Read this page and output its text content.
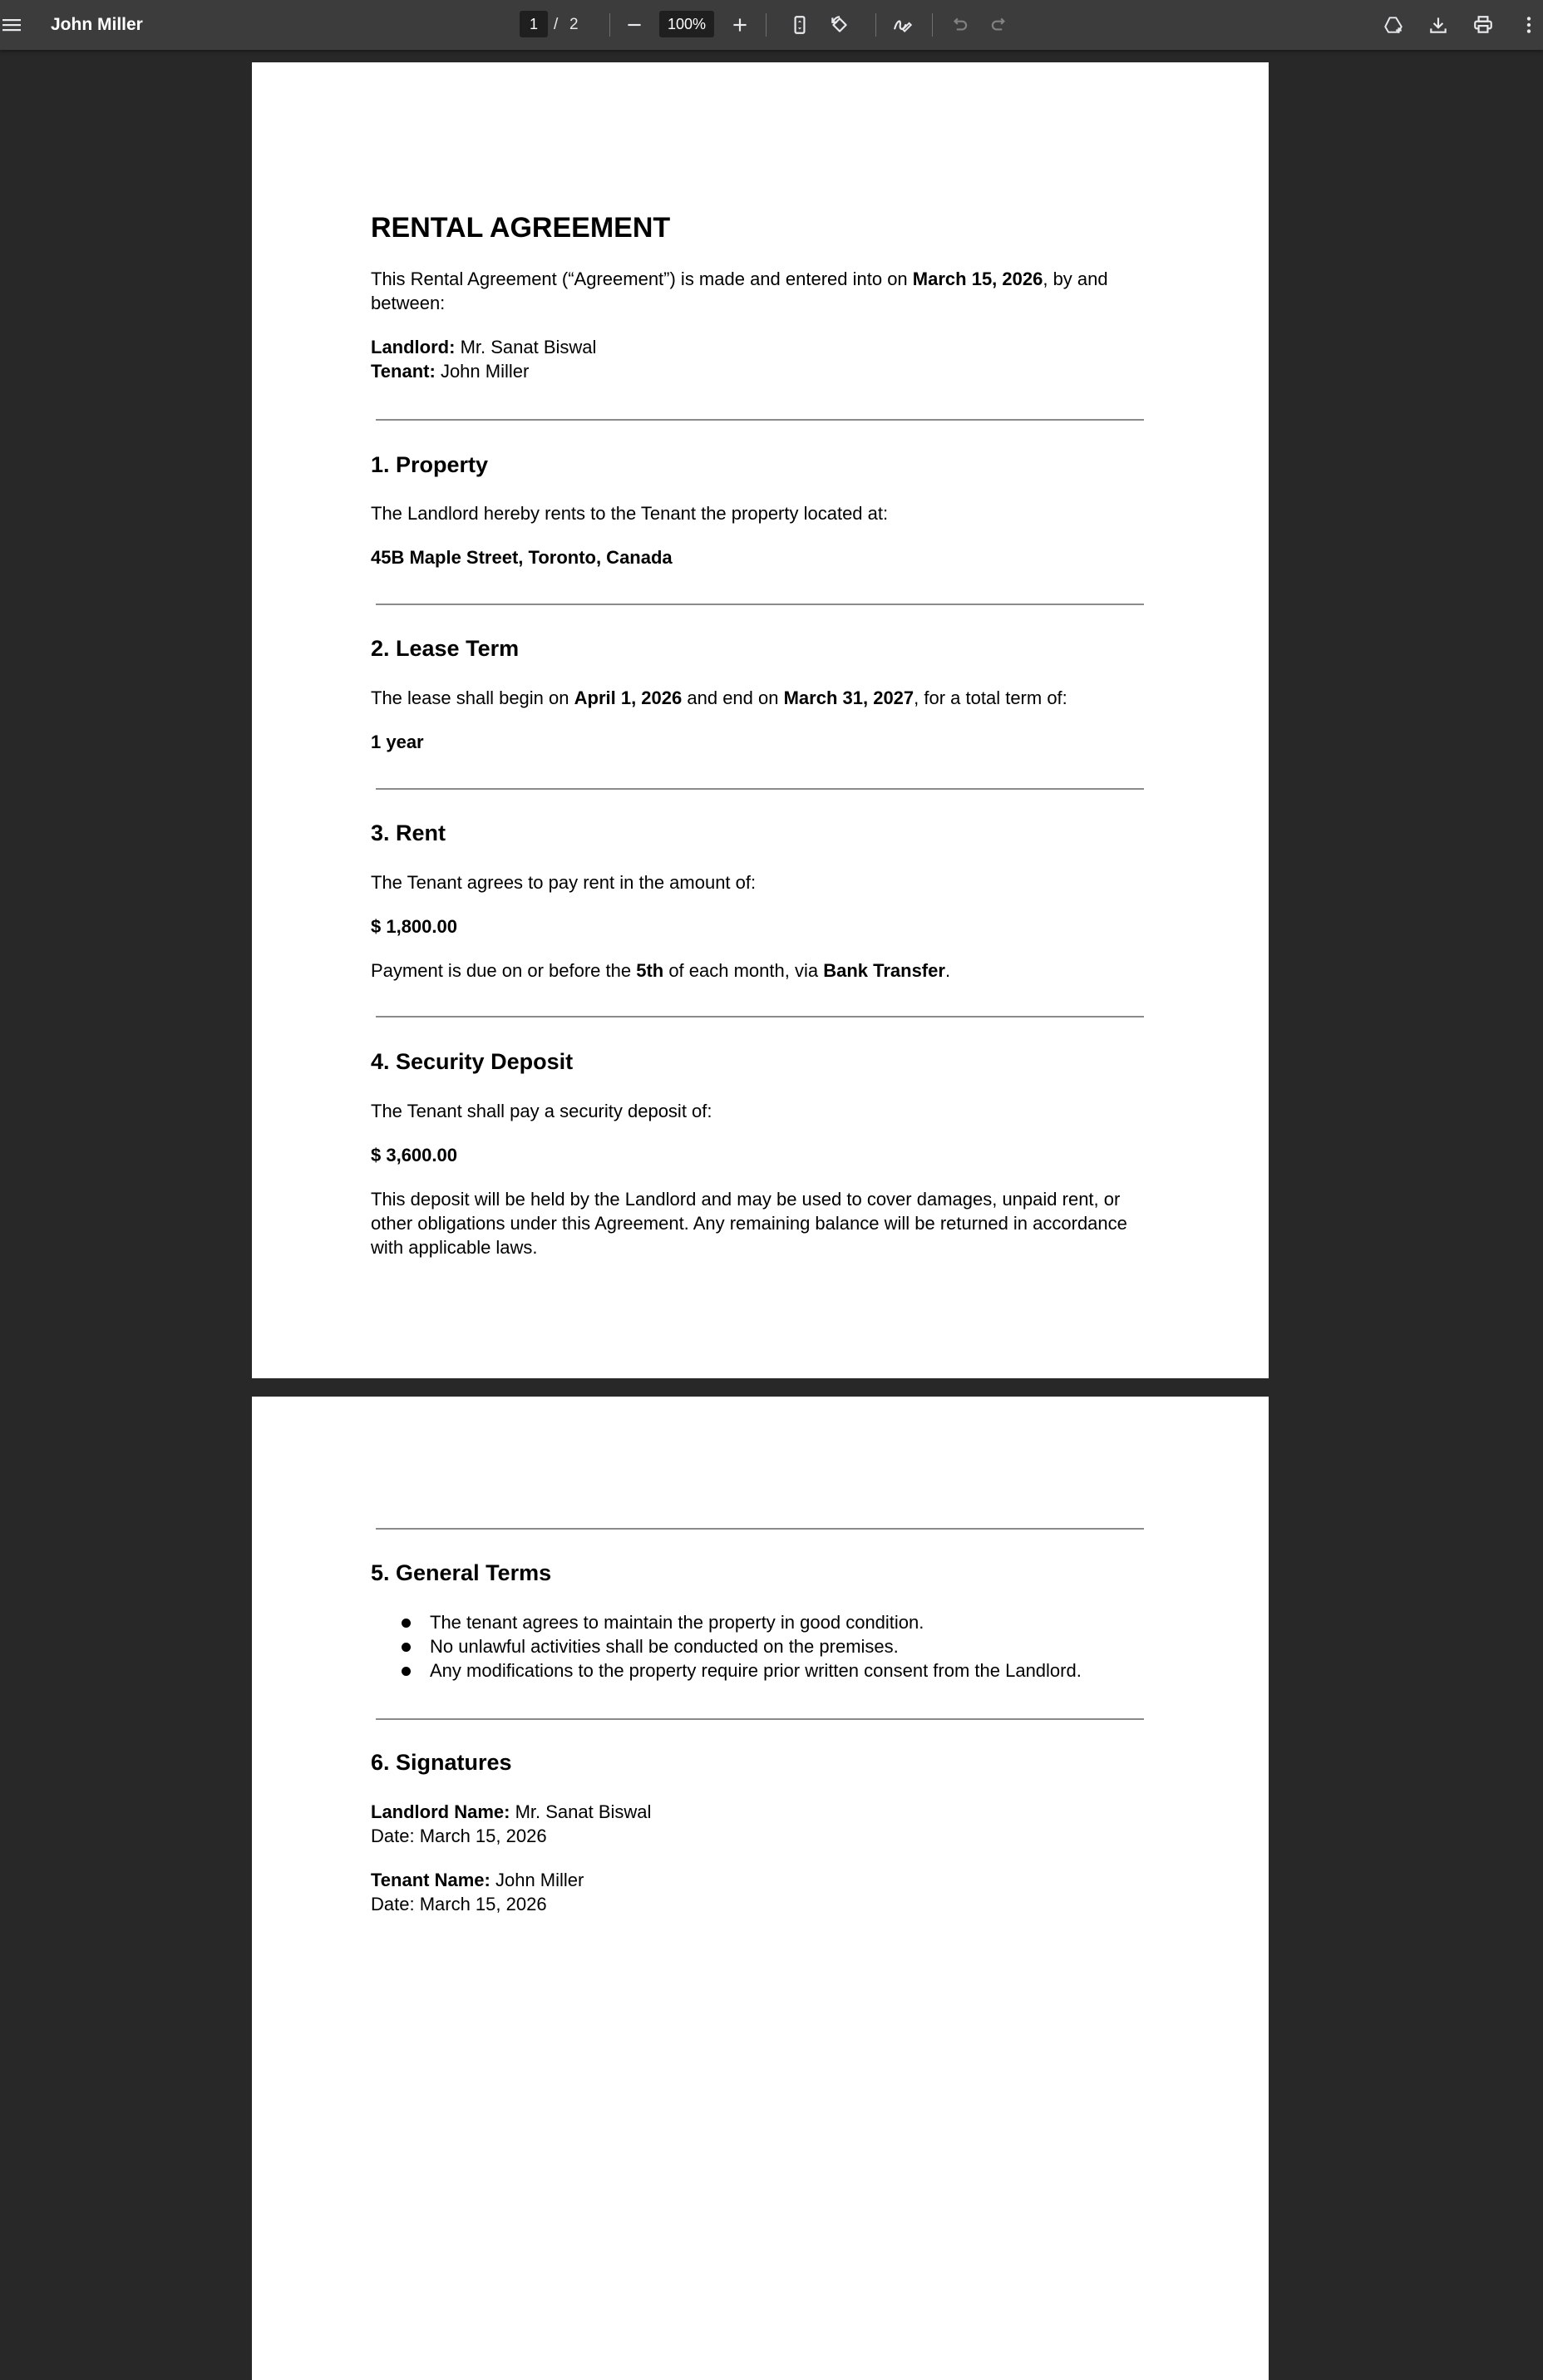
John Miller
1	/ 2
100%
RENTAL AGREEMENT
This Rental Agreement (“Agreement”) is made and entered into on March 15, 2026, by and
between:
Landlord: Mr. Sanat Biswal
Tenant: John Miller
1. Property
The Landlord hereby rents to the Tenant the property located at:
45B Maple Street, Toronto, Canada
2. Lease Term
The lease shall begin on April 1, 2026 and end on March 31, 2027, for a total term of:
1 year
3. Rent
The Tenant agrees to pay rent in the amount of:
$ 1,800.00
Payment is due on or before the 5th of each month, via Bank Transfer.
4. Security Deposit
The Tenant shall pay a security deposit of:
$ 3,600.00
This deposit will be held by the Landlord and may be used to cover damages, unpaid rent, or
other obligations under this Agreement. Any remaining balance will be returned in accordance
with applicable laws.
5. General Terms
The tenant agrees to maintain the property in good condition.
No unlawful activities shall be conducted on the premises.
Any modifications to the property require prior written consent from the Landlord.
6. Signatures
Landlord Name: Mr. Sanat Biswal
Date: March 15, 2026
Tenant Name: John Miller
Date: March 15, 2026
